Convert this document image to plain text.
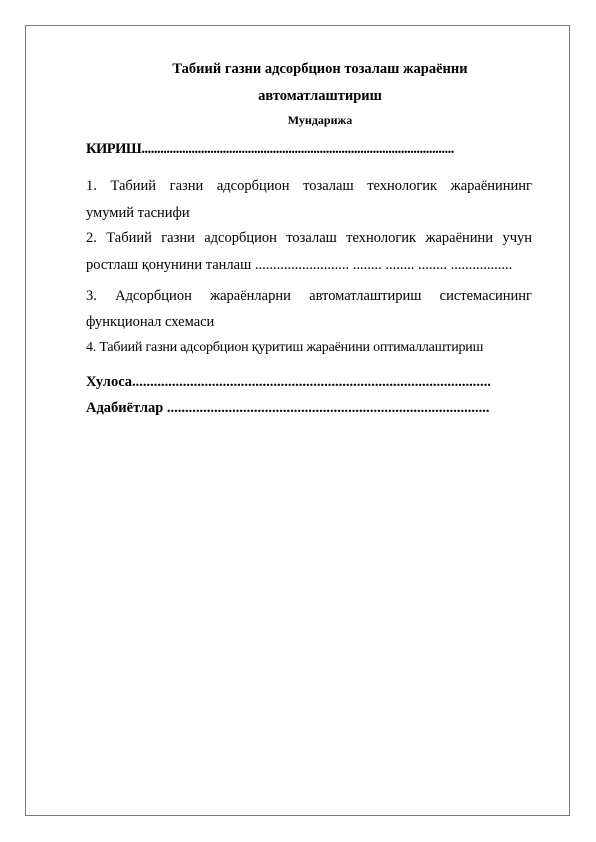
Табиий газни адсорбцион тозалаш жараённи
автоматлаштириш
Мундарижа
КИРИШ....................................................................................................
1. Табиий газни адсорбцион тозалаш технологик жараёнининг
умумий таснифи
2. Табиий газни адсорбцион тозалаш технологик жараёнини учун
ростлаш қонунини танлаш .......................... ........ ........ ........ .................
3. Адсорбцион жараёнларни автоматлаштириш системасининг
функционал схемаси
4. Табиий газни адсорбцион қуритиш жараёнини оптималлаштириш
Хулоса...................................................................................................
Адабиётлар .........................................................................................
